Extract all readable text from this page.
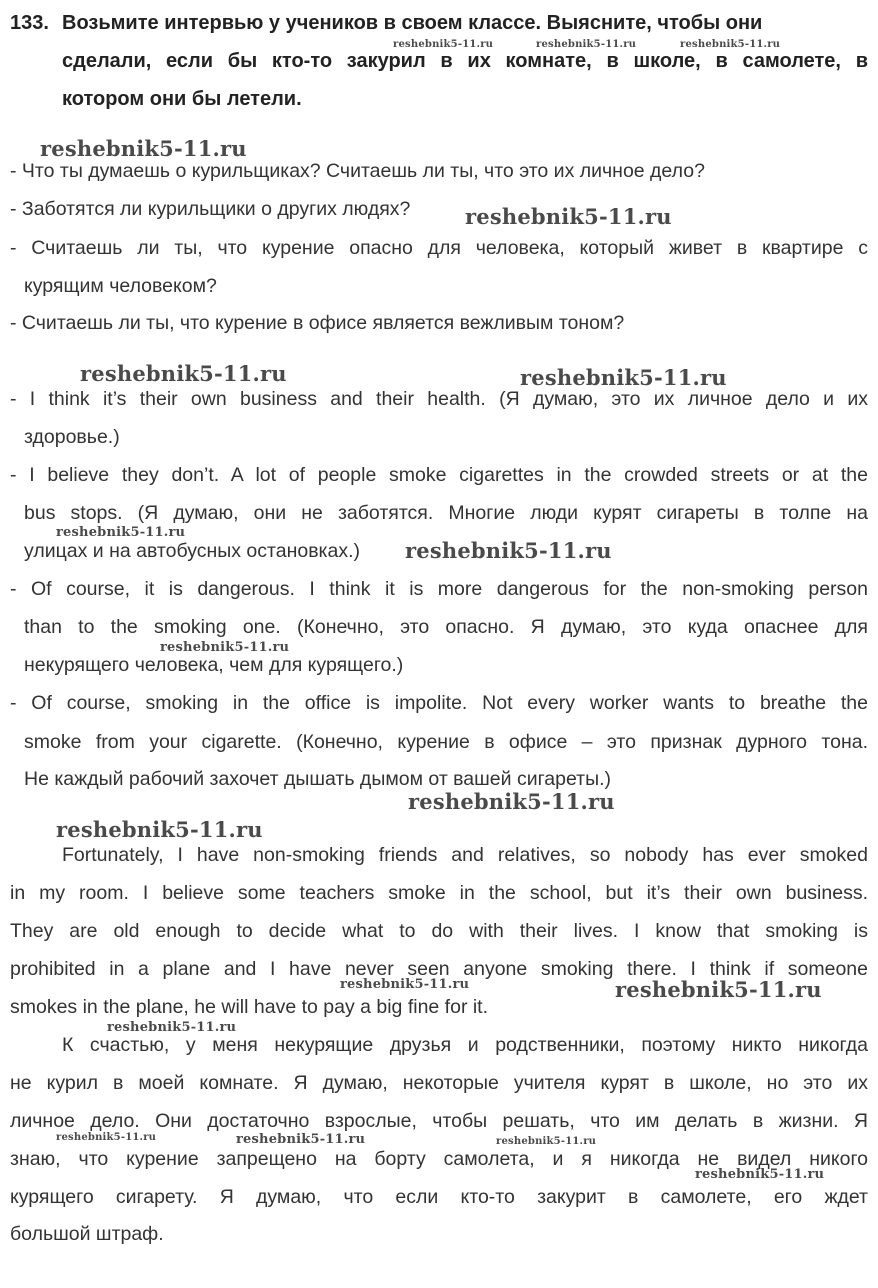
133. Возьмите интервью у учеников в своем классе. Выясните, чтобы они
сделали, если бы кто-то закурил в их комнате, в школе, в самолете, в
котором они бы летели.
- Что ты думаешь о курильщиках? Считаешь ли ты, что это их личное дело?
- Заботятся ли курильщики о других людях?
- Считаешь ли ты, что курение опасно для человека, который живет в квартире с
курящим человеком?
- Считаешь ли ты, что курение в офисе является вежливым тоном?
- I think it’s their own business and their health. (Я думаю, это их личное дело и их
здоровье.)
- I believe they don’t. A lot of people smoke cigarettes in the crowded streets or at the
bus stops. (Я думаю, они не заботятся. Многие люди курят сигареты в толпе на
улицах и на автобусных остановках.)
- Of course, it is dangerous. I think it is more dangerous for the non-smoking person
than to the smoking one. (Конечно, это опасно. Я думаю, это куда опаснее для
некурящего человека, чем для курящего.)
- Of course, smoking in the office is impolite. Not every worker wants to breathe the
smoke from your cigarette. (Конечно, курение в офисе – это признак дурного тона.
Не каждый рабочий захочет дышать дымом от вашей сигареты.)
Fortunately, I have non-smoking friends and relatives, so nobody has ever smoked
in my room. I believe some teachers smoke in the school, but it’s their own business.
They are old enough to decide what to do with their lives. I know that smoking is
prohibited in a plane and I have never seen anyone smoking there. I think if someone
smokes in the plane, he will have to pay a big fine for it.
К счастью, у меня некурящие друзья и родственники, поэтому никто никогда
не курил в моей комнате. Я думаю, некоторые учителя курят в школе, но это их
личное дело. Они достаточно взрослые, чтобы решать, что им делать в жизни. Я
знаю, что курение запрещено на борту самолета, и я никогда не видел никого
курящего сигарету. Я думаю, что если кто-то закурит в самолете, его ждет
большой штраф.
reshebnik5-11.ru	reshebnik5-11.ru	reshebnik5-11.ru
reshebnik5-11.ru
reshebnik5-11.ru
reshebnik5-11.ru	reshebnik5-11.ru
reshebnik5-11.ru
reshebnik5-11.ru
reshebnik5-11.ru
reshebnik5-11.ru
reshebnik5-11.ru
reshebnik5-11.ru	reshebnik5-11.ru
reshebnik5-11.ru
reshebnik5-11.ru	reshebnik5-11.ru	reshebnik5-11.ru
reshebnik5-11.ru
